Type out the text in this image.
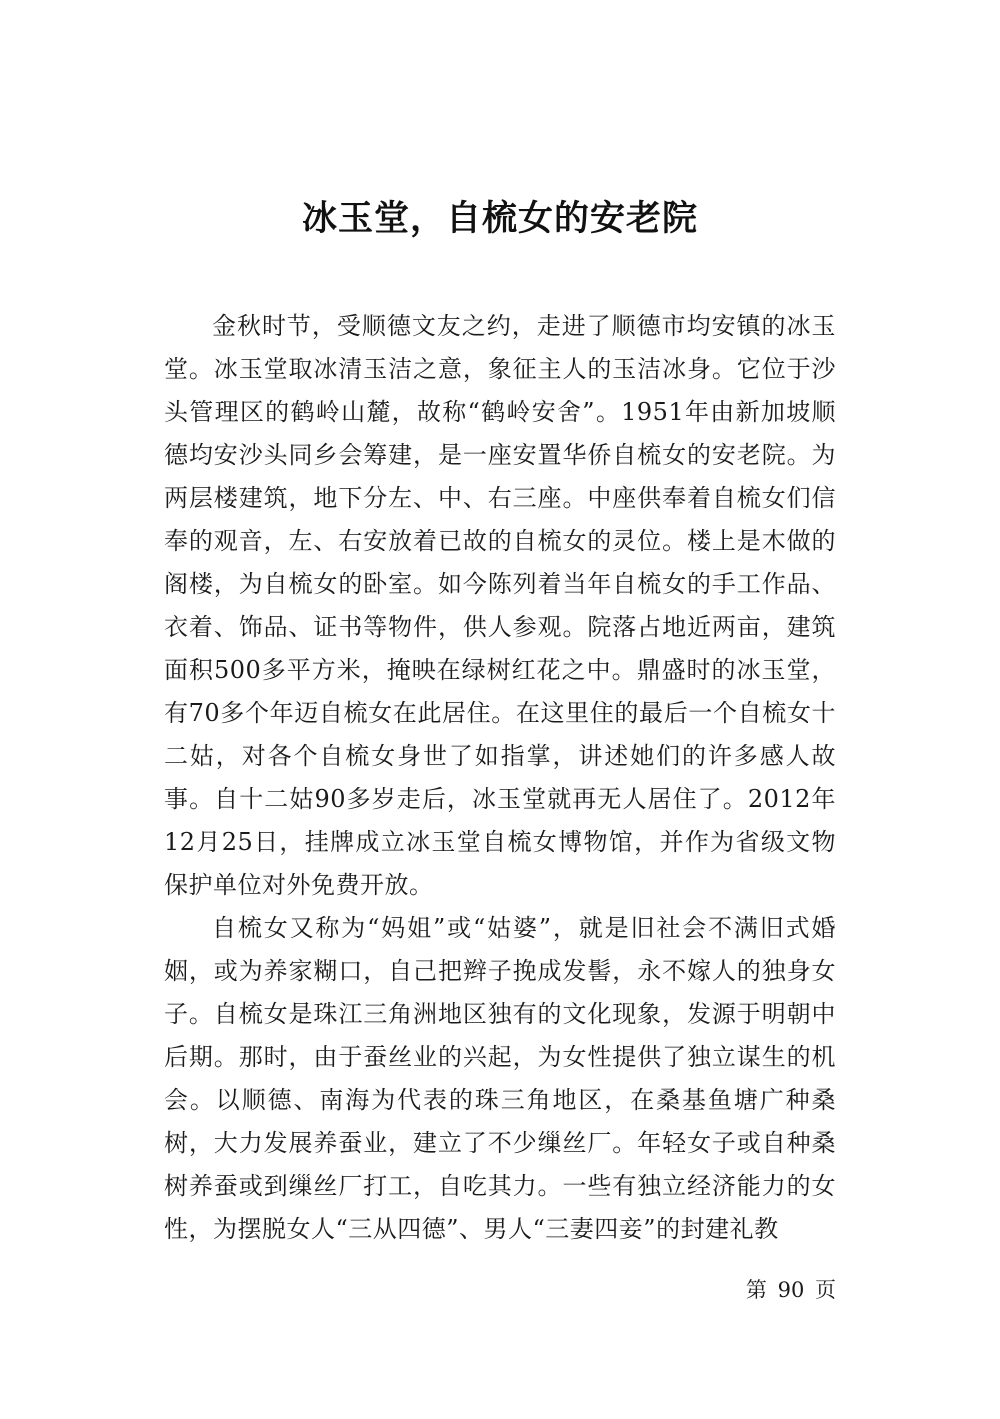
冰玉堂，自梳女的安老院

金秋时节，受顺德文友之约，走进了顺德市均安镇的冰玉堂。冰玉堂取冰清玉洁之意，象征主人的玉洁冰身。它位于沙头管理区的鹤岭山麓，故称“鹤岭安舍”。1951年由新加坡顺德均安沙头同乡会筹建，是一座安置华侨自梳女的安老院。为两层楼建筑，地下分左、中、右三座。中座供奉着自梳女们信奉的观音，左、右安放着已故的自梳女的灵位。楼上是木做的阁楼，为自梳女的卧室。如今陈列着当年自梳女的手工作品、衣着、饰品、证书等物件，供人参观。院落占地近两亩，建筑面积500多平方米，掩映在绿树红花之中。鼎盛时的冰玉堂，有70多个年迈自梳女在此居住。在这里住的最后一个自梳女十二姑，对各个自梳女身世了如指掌，讲述她们的许多感人故事。自十二姑90多岁走后，冰玉堂就再无人居住了。2012年12月25日，挂牌成立冰玉堂自梳女博物馆，并作为省级文物保护单位对外免费开放。

自梳女又称为“妈姐”或“姑婆”，就是旧社会不满旧式婚姻，或为养家糊口，自己把辫子挽成发髻，永不嫁人的独身女子。自梳女是珠江三角洲地区独有的文化现象，发源于明朝中后期。那时，由于蚕丝业的兴起，为女性提供了独立谋生的机会。以顺德、南海为代表的珠三角地区，在桑基鱼塘广种桑树，大力发展养蚕业，建立了不少缫丝厂。年轻女子或自种桑树养蚕或到缫丝厂打工，自吃其力。一些有独立经济能力的女性，为摆脱女人“三从四德”、男人“三妻四妾”的封建礼教

第 90 页
